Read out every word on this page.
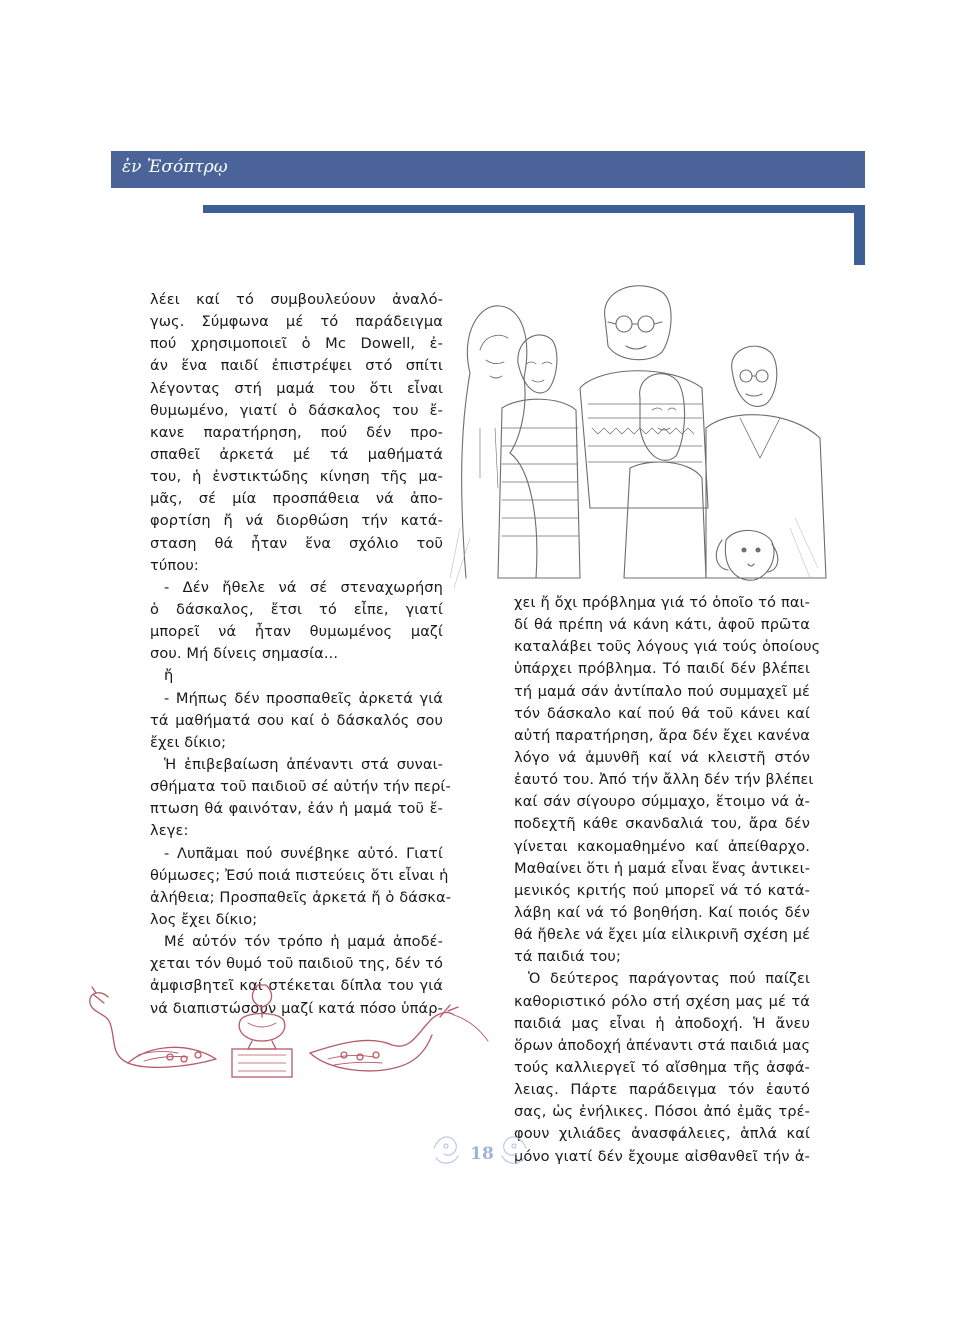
ἐν Ἐσόπτρῳ
λέει καί τό συμβουλεύουν ἀναλό-
γως. Σύμφωνα μέ τό παράδειγμα
πού χρησιμοποιεῖ ὁ Mc Dowell, ἐ-
άν ἕνα παιδί ἐπιστρέψει στό σπίτι
λέγοντας στή μαμά του ὅτι εἶναι
θυμωμένο, γιατί ὁ δάσκαλος του ἔ-
κανε παρατήρηση, πού δέν προ-
σπαθεῖ ἀρκετά μέ τά μαθήματά
του, ἡ ἐνστικτώδης κίνηση τῆς μα-
μᾶς, σέ μία προσπάθεια νά ἀπο-
φορτίση ἤ νά διορθώση τήν κατά-
σταση θά ἦταν ἕνα σχόλιο τοῦ
τύπου:
- Δέν ἤθελε νά σέ στεναχωρήση
ὁ δάσκαλος, ἔτσι τό εἶπε, γιατί
μπορεῖ νά ἦταν θυμωμένος μαζί
σου. Μή δίνεις σημασία...
ἤ
- Μήπως δέν προσπαθεῖς ἀρκετά γιά
τά μαθήματά σου καί ὁ δάσκαλός σου
ἔχει δίκιο;
Ἡ ἐπιβεβαίωση ἀπέναντι στά συναι-
σθήματα τοῦ παιδιοῦ σέ αὐτήν τήν περί-
πτωση θά φαινόταν, ἐάν ἡ μαμά τοῦ ἔ-
λεγε:
- Λυπᾶμαι πού συνέβηκε αὐτό. Γιατί
θύμωσες; Ἐσύ ποιά πιστεύεις ὅτι εἶναι ἡ
ἀλήθεια; Προσπαθεῖς ἀρκετά ἤ ὁ δάσκα-
λος ἔχει δίκιο;
Μέ αὐτόν τόν τρόπο ἡ μαμά ἀποδέ-
χεται τόν θυμό τοῦ παιδιοῦ της, δέν τό
ἀμφισβητεῖ καί στέκεται δίπλα του γιά
νά διαπιστώσουν μαζί κατά πόσο ὑπάρ-
χει ἤ ὄχι πρόβλημα γιά τό ὁποῖο τό παι-
δί θά πρέπη νά κάνη κάτι, ἀφοῦ πρῶτα
καταλάβει τοῦς λόγους γιά τούς ὁποίους
ὑπάρχει πρόβλημα. Τό παιδί δέν βλέπει
τή μαμά σάν ἀντίπαλο πού συμμαχεῖ μέ
τόν δάσκαλο καί πού θά τοῦ κάνει καί
αὐτή παρατήρηση, ἄρα δέν ἔχει κανένα
λόγο νά ἀμυνθῆ καί νά κλειστῆ στόν
ἑαυτό του. Ἀπό τήν ἄλλη δέν τήν βλέπει
καί σάν σίγουρο σύμμαχο, ἕτοιμο νά ἀ-
ποδεχτῆ κάθε σκανδαλιά του, ἄρα δέν
γίνεται κακομαθημένο καί ἀπείθαρχο.
Μαθαίνει ὅτι ἡ μαμά εἶναι ἕνας ἀντικει-
μενικός κριτής πού μπορεῖ νά τό κατά-
λάβη καί νά τό βοηθήση. Καί ποιός δέν
θά ἤθελε νά ἔχει μία εἰλικρινῆ σχέση μέ
τά παιδιά του;
Ὁ δεύτερος παράγοντας πού παίζει
καθοριστικό ρόλο στή σχέση μας μέ τά
παιδιά μας εἶναι ἡ ἀποδοχή. Ἡ ἄνευ
ὅρων ἀποδοχή ἀπέναντι στά παιδιά μας
τούς καλλιεργεῖ τό αἴσθημα τῆς ἀσφά-
λειας. Πάρτε παράδειγμα τόν ἑαυτό
σας, ὡς ἐνήλικες. Πόσοι ἀπό ἐμᾶς τρέ-
φουν χιλιάδες ἀνασφάλειες, ἁπλά καί
μόνο γιατί δέν ἔχουμε αἰσθανθεῖ τήν ἀ-
18
